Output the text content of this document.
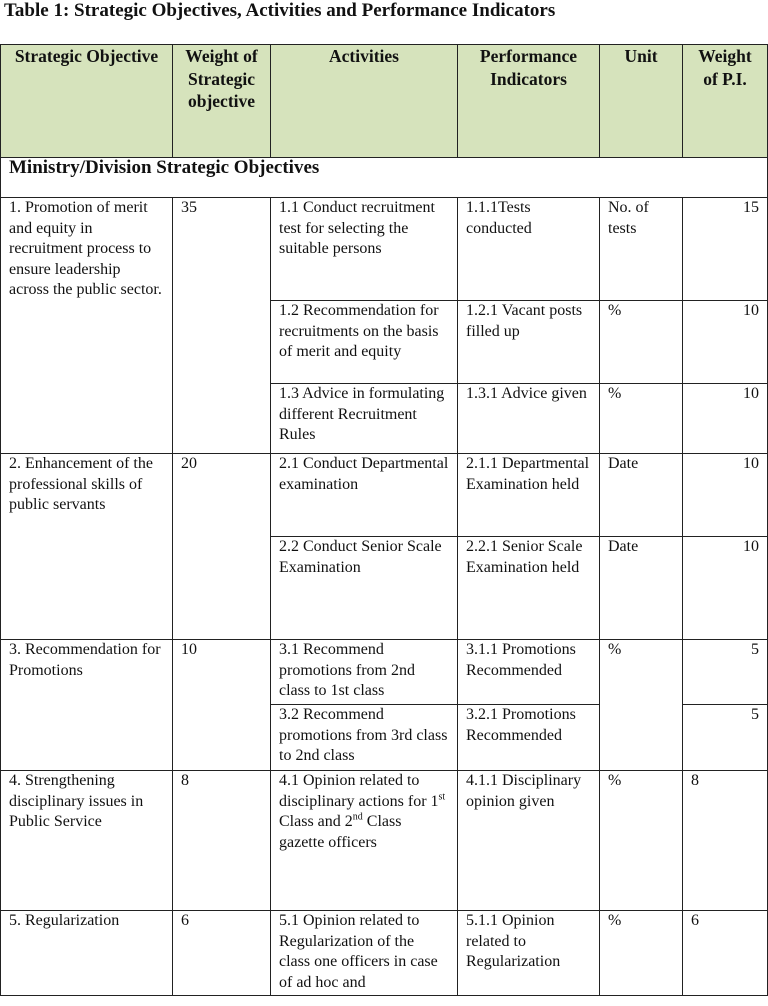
Table 1: Strategic Objectives, Activities and Performance Indicators
Strategic Objective	Weight of Strategic objective	Activities	Performance Indicators	Unit	Weight of P.I.
Ministry/Division Strategic Objectives					
1. Promotion of merit and equity in recruitment process to ensure leadership across the public sector.	35	1.1 Conduct recruitment test for selecting the suitable persons	1.1.1Tests conducted	No. of tests	15
		1.2 Recommendation for recruitments on the basis of merit and equity	1.2.1 Vacant posts filled up	%	10
		1.3 Advice in formulating different Recruitment Rules	1.3.1 Advice given	%	10
2. Enhancement of the professional skills of public servants	20	2.1 Conduct Departmental examination	2.1.1 Departmental Examination held	Date	10
		2.2 Conduct Senior Scale Examination	2.2.1 Senior Scale Examination held	Date	10
3. Recommendation for Promotions	10	3.1 Recommend promotions from 2nd class to 1st class	3.1.1 Promotions Recommended	%	5
		3.2 Recommend promotions from 3rd class to 2nd class	3.2.1 Promotions Recommended		5
4. Strengthening disciplinary issues in Public Service	8	4.1 Opinion related to disciplinary actions for 1st Class and 2nd Class gazette officers	4.1.1 Disciplinary opinion given	%	8
5. Regularization	6	5.1 Opinion related to Regularization of the class one officers in case of ad hoc and	5.1.1 Opinion related to Regularization	%	6
